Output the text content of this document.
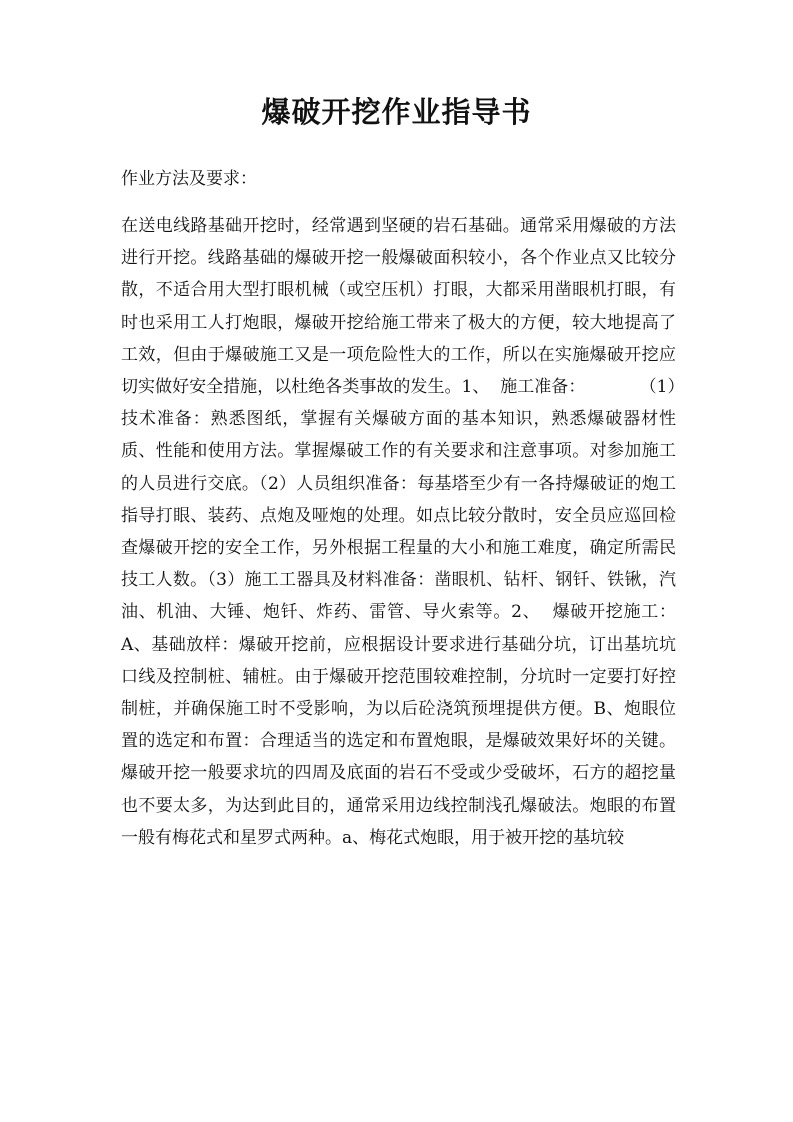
爆破开挖作业指导书

作业方法及要求：

在送电线路基础开挖时，经常遇到坚硬的岩石基础。通常采用爆破的方法进行开挖。线路基础的爆破开挖一般爆破面积较小，各个作业点又比较分散，不适合用大型打眼机械（或空压机）打眼，大都采用凿眼机打眼，有时也采用工人打炮眼，爆破开挖给施工带来了极大的方便，较大地提高了工效，但由于爆破施工又是一项危险性大的工作，所以在实施爆破开挖应切实做好安全措施，以杜绝各类事故的发生。1、  施工准备：          （1）技术准备：熟悉图纸，掌握有关爆破方面的基本知识，熟悉爆破器材性质、性能和使用方法。掌握爆破工作的有关要求和注意事项。对参加施工的人员进行交底。（2）人员组织准备：每基塔至少有一各持爆破证的炮工指导打眼、装药、点炮及哑炮的处理。如点比较分散时，安全员应巡回检查爆破开挖的安全工作，另外根据工程量的大小和施工难度，确定所需民技工人数。（3）施工工器具及材料准备：凿眼机、钻杆、钢钎、铁锹，汽油、机油、大锤、炮钎、炸药、雷管、导火索等。2、  爆破开挖施工：          A、基础放样：爆破开挖前，应根据设计要求进行基础分坑，订出基坑坑口线及控制桩、辅桩。由于爆破开挖范围较难控制，分坑时一定要打好控制桩，并确保施工时不受影响，为以后砼浇筑预埋提供方便。B、炮眼位置的选定和布置：合理适当的选定和布置炮眼，是爆破效果好坏的关键。爆破开挖一般要求坑的四周及底面的岩石不受或少受破坏，石方的超挖量也不要太多，为达到此目的，通常采用边线控制浅孔爆破法。炮眼的布置一般有梅花式和星罗式两种。a、梅花式炮眼，用于被开挖的基坑较
